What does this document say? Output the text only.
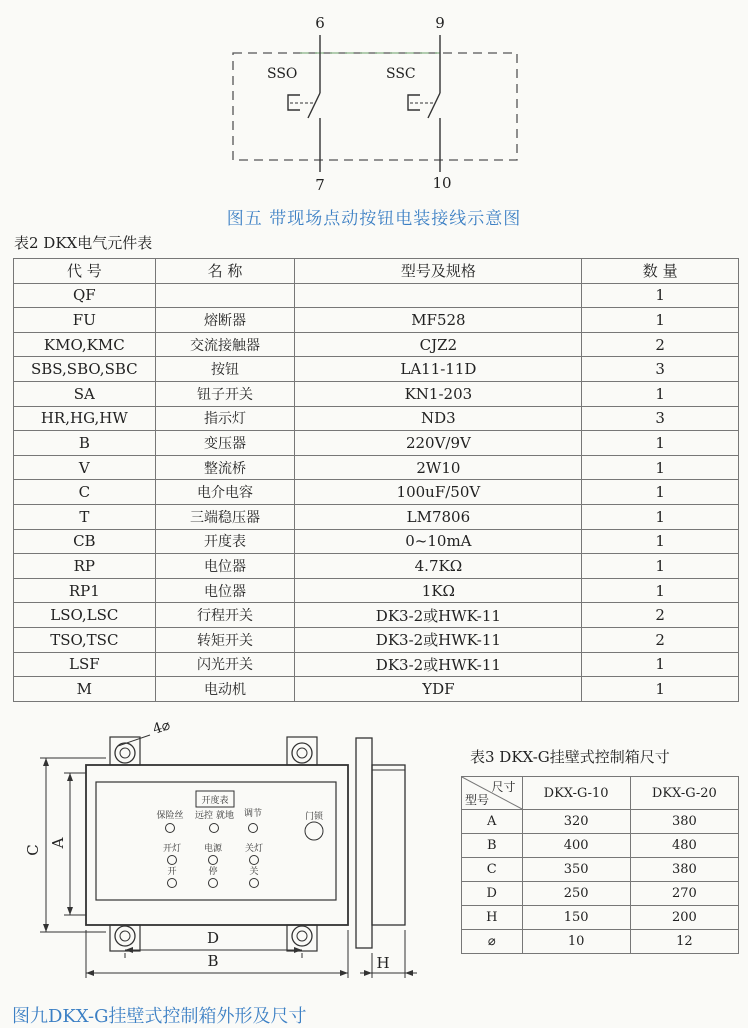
6	9
7	10
SSO	SSC
图五 带现场点动按钮电装接线示意图
表2 DKX电气元件表
代 号	名 称	型号及规格	数 量
QF			1
FU	熔断器	MF528	1
KMO,KMC	交流接触器	CJZ2	2
SBS,SBO,SBC	按钮	LA11-11D	3
SA	钮子开关	KN1-203	1
HR,HG,HW	指示灯	ND3	3
B	变压器	220V/9V	1
V	整流桥	2W10	1
C	电介电容	100uF/50V	1
T	三端稳压器	LM7806	1
CB	开度表	0~10mA	1
RP	电位器	4.7KΩ	1
RP1	电位器	1KΩ	1
LSO,LSC	行程开关	DK3-2或HWK-11	2
TSO,TSC	转矩开关	DK3-2或HWK-11	2
LSF	闪光开关	DK3-2或HWK-11	1
M	电动机	YDF	1
4⌀
C
A
D
B	H
开度表
保险丝 远控 就地 调节	门锁
开灯	电源	关灯
开	停	关
表3 DKX-G挂壁式控制箱尺寸
尺寸
型号	DKX-G-10	DKX-G-20
A	320	380
B	400	480
C	350	380
D	250	270
H	150	200
⌀	10	12
图九DKX-G挂壁式控制箱外形及尺寸
